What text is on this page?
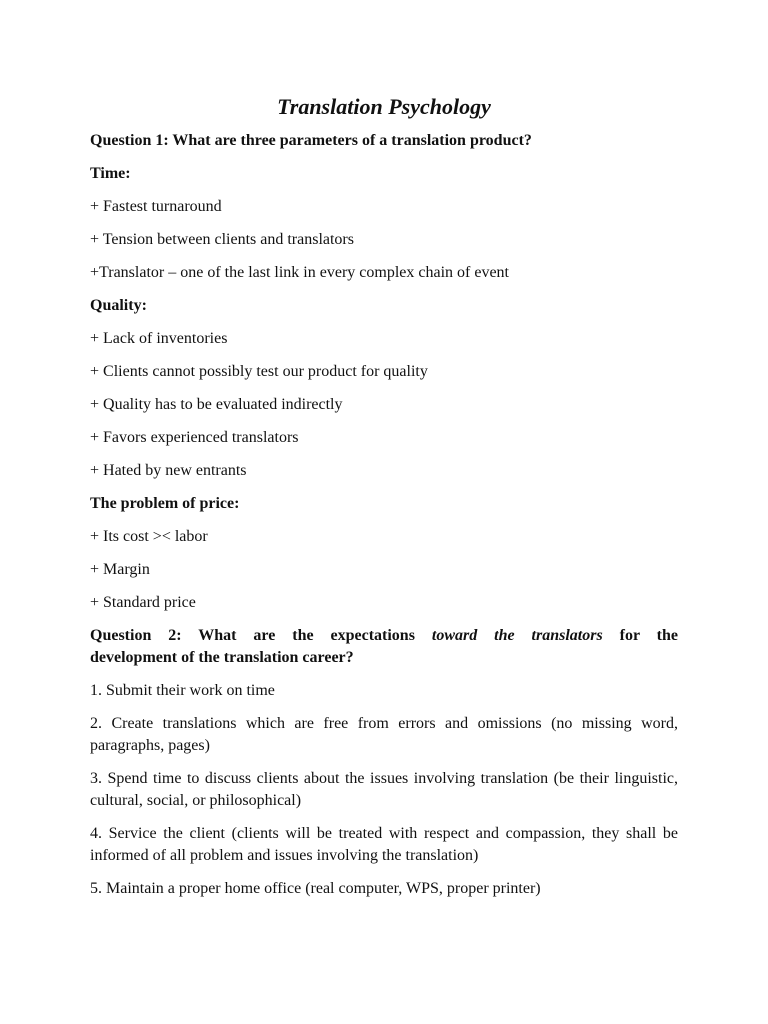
Translation Psychology

Question 1: What are three parameters of a translation product?

Time:

+ Fastest turnaround

+ Tension between clients and translators

+Translator – one of the last link in every complex chain of event

Quality:

+ Lack of inventories

+ Clients cannot possibly test our product for quality

+ Quality has to be evaluated indirectly

+ Favors experienced translators

+ Hated by new entrants

The problem of price:

+ Its cost >< labor

+ Margin

+ Standard price

Question 2: What are the expectations toward the translators for the

development of the translation career?

1. Submit their work on time

2. Create translations which are free from errors and omissions (no missing word, paragraphs, pages)

3. Spend time to discuss clients about the issues involving translation (be their linguistic, cultural, social, or philosophical)

4. Service the client (clients will be treated with respect and compassion, they shall be informed of all problem and issues involving the translation)

5. Maintain a proper home office (real computer, WPS, proper printer)
